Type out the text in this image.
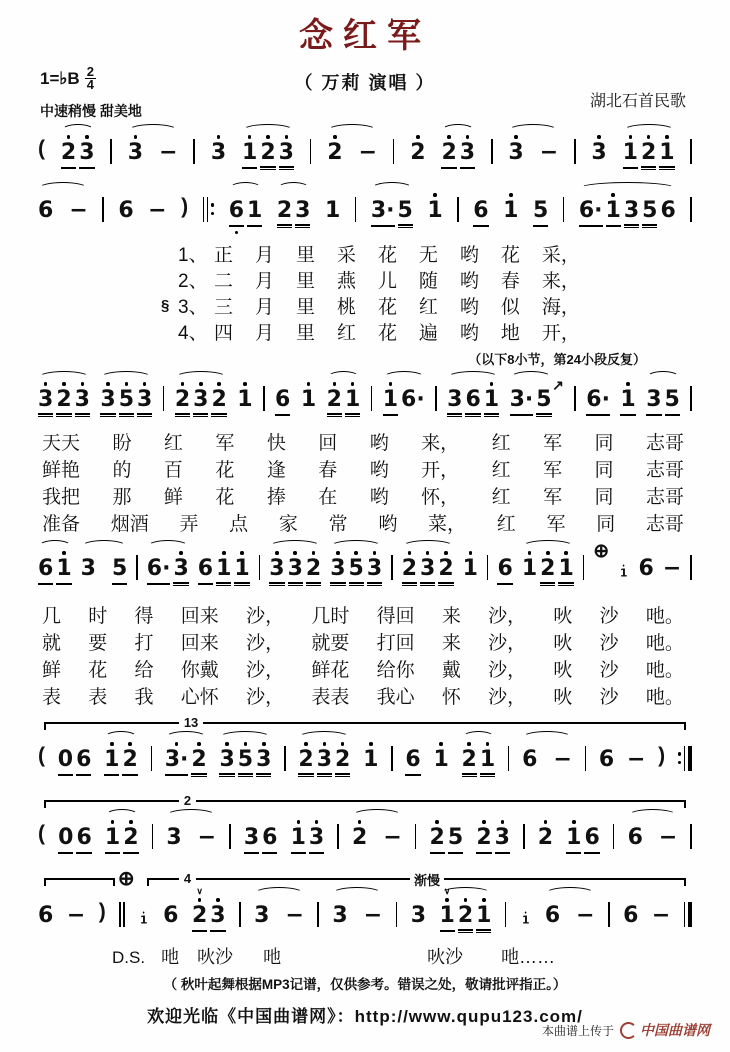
念红军
（ 万莉 演唱 ）
1=♭B $\frac{2}{4}$
中速稍慢 甜美地
湖北石首民歌
( 2 3 3 − 3 1 2 3 2 − 2 2 3 3 − 3 1 2 1
6 − 6 − ) 6 1 2 3 1 3· 5 1 6 1 5 6· 1 3 5 6
1、 正 月 里 采 花 无 哟 花 采，
2、 二 月 里 燕 儿 随 哟 春 来，
§ 3、 三 月 里 桃 花 红 哟 似 海，
4、 四 月 里 红 花 遍 哟 地 开，
（以下8小节，第24小段反复）
3 2 3 3 5 3 2 3 2 1 6 1 2 1 1 6· 3 6 1 3· 5
↗
6· 1 3 5
天天 盼 红 军 快 回 哟 来， 红 军 同 志哥
鲜艳 的 百 花 逢 春 哟 开， 红 军 同 志哥
我把 那 鲜 花 捧 在 哟 怀， 红 军 同 志哥
准备 烟酒 弄 点 家 常 哟 菜， 红 军 同 志哥
6 1 3 5 6· 3 6 1 1 3 3 2 3 5 3 2 3 2 1 6 1 2 1
⊕
1 6 −
几 时 得 回来 沙， 几时 得回 来 沙， 吙 沙 吔。
就 要 打 回来 沙， 就要 打回 来 沙， 吙 沙 吔。
鲜 花 给 你戴 沙， 鲜花 给你 戴 沙， 吙 沙 吔。
表 表 我 心怀 沙， 表表 我心 怀 沙， 吙 沙 吔。
13
( 0 6 1 2 3· 2 3 5 3 2 3 2 1 6 1 2 1 6 − 6 − )
2
( 0 6 1 2 3 − 3 6 1 3 2 − 2 5 2 3 2 1 6 6 −
⊕	4	渐慢
6 − ) 1 6
∨
2 3 3 − 3 − 3
∨
1 2 1 1 6 − 6 −
D.S. 吔 吙沙 吔	吙沙 吔……
（ 秋叶起舞根据MP3记谱，仅供参考。错误之处，敬请批评指正。）
欢迎光临《中国曲谱网》：http://www.qupu123.com/
本曲谱上传于 中国曲谱网
